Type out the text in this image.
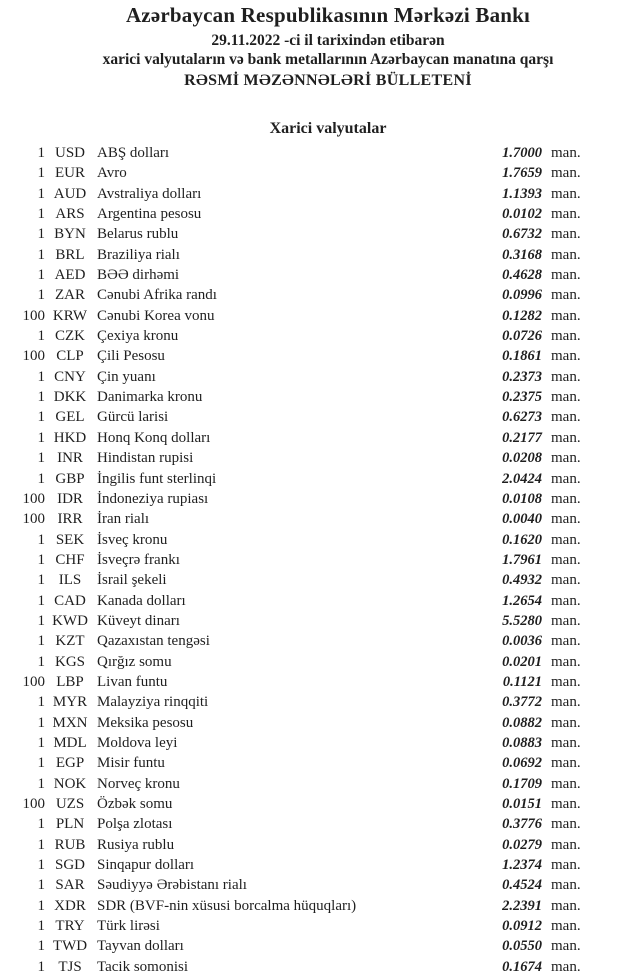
Azərbaycan Respublikasının Mərkəzi Bankı
29.11.2022 -ci il tarixindən etibarən
xarici valyutaların və bank metallarının Azərbaycan manatına qarşı
RƏSMİ MƏZƏNNƏLƏRİ BÜLLETENİ
Xarici valyutalar
1 USD ABŞ dolları	1.7000 man.
1 EUR Avro	1.7659 man.
1 AUD Avstraliya dolları	1.1393 man.
1 ARS Argentina pesosu	0.0102 man.
1 BYN Belarus rublu	0.6732 man.
1 BRL Braziliya rialı	0.3168 man.
1 AED BƏƏ dirhəmi	0.4628 man.
1 ZAR Cənubi Afrika randı	0.0996 man.
100 KRW Cənubi Korea vonu	0.1282 man.
1 CZK Çexiya kronu	0.0726 man.
100 CLP Çili Pesosu	0.1861 man.
1 CNY Çin yuanı	0.2373 man.
1 DKK Danimarka kronu	0.2375 man.
1 GEL Gürcü larisi	0.6273 man.
1 HKD Honq Konq dolları	0.2177 man.
1 INR Hindistan rupisi	0.0208 man.
1 GBP İngilis funt sterlinqi	2.0424 man.
100 IDR İndoneziya rupiası	0.0108 man.
100 IRR İran rialı	0.0040 man.
1 SEK İsveç kronu	0.1620 man.
1 CHF İsveçrə frankı	1.7961 man.
1 ILS	İsrail şekeli	0.4932 man.
1 CAD Kanada dolları	1.2654 man.
1 KWD Küveyt dinarı	5.5280 man.
1 KZT Qazaxıstan tengəsi	0.0036 man.
1 KGS Qırğız somu	0.0201 man.
100 LBP Livan funtu	0.1121 man.
1 MYR Malayziya rinqqiti	0.3772 man.
1 MXN Meksika pesosu	0.0882 man.
1 MDL Moldova leyi	0.0883 man.
1 EGP Misir funtu	0.0692 man.
1 NOK Norveç kronu	0.1709 man.
100 UZS Özbək somu	0.0151 man.
1 PLN Polşa zlotası	0.3776 man.
1 RUB Rusiya rublu	0.0279 man.
1 SGD Sinqapur dolları	1.2374 man.
1 SAR Səudiyyə Ərəbistanı rialı	0.4524 man.
1 XDR SDR (BVF-nin xüsusi borcalma hüquqları)	2.2391 man.
1 TRY Türk lirəsi	0.0912 man.
1 TWD Tayvan dolları	0.0550 man.
1 TJS	Tacik somonisi	0.1674 man.
